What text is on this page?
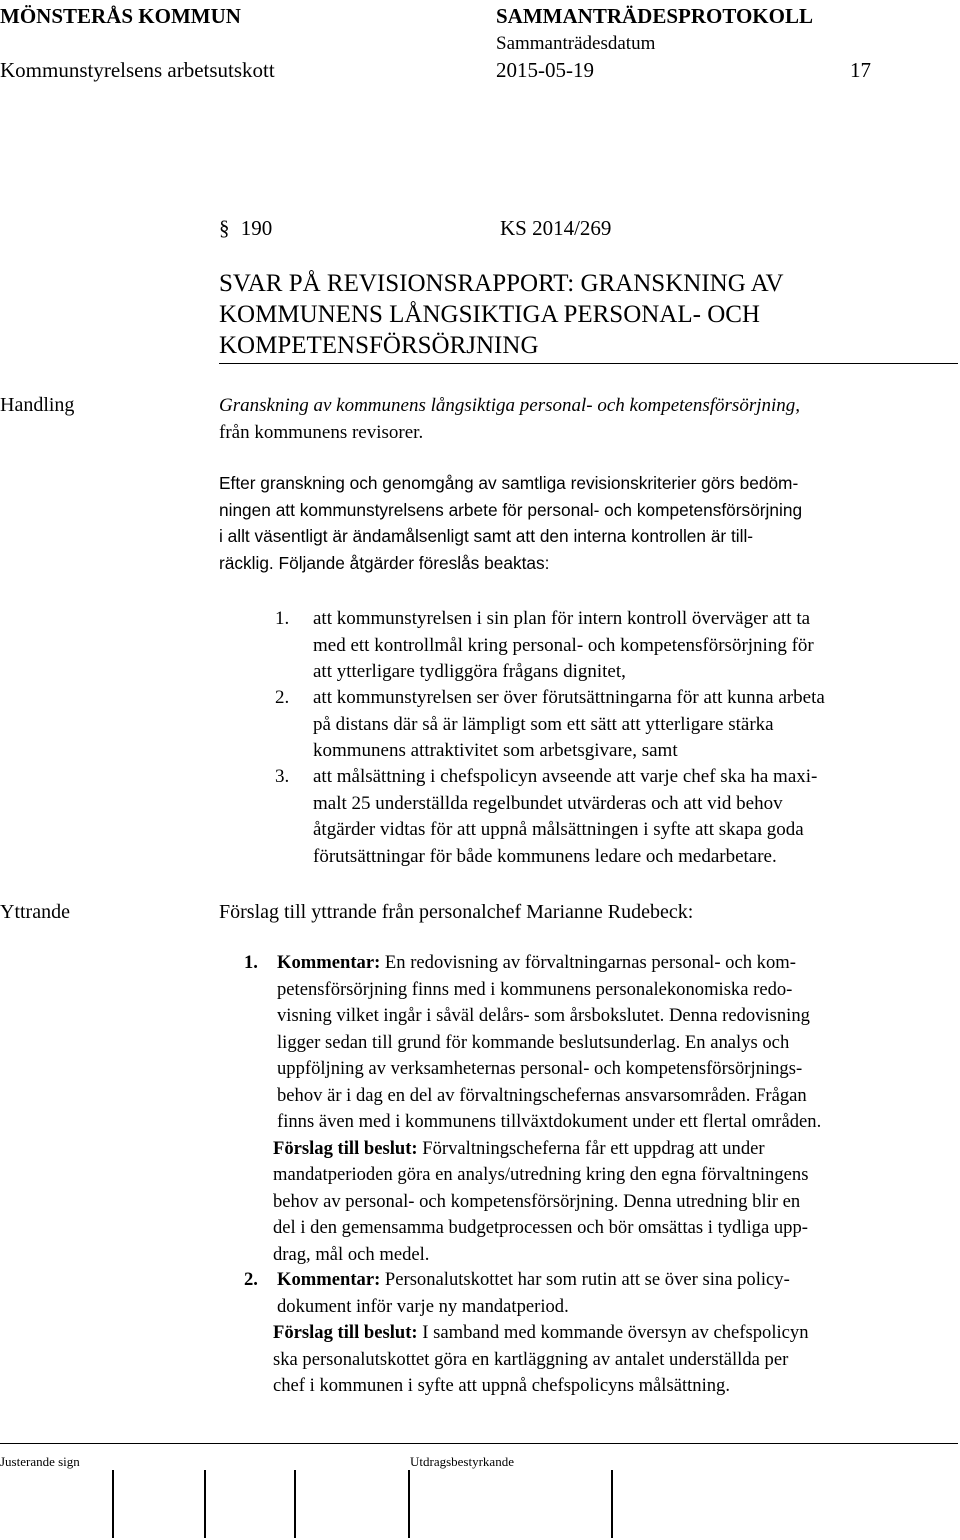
MÖNSTERÅS KOMMUN	SAMMANTRÄDESPROTOKOLL
Sammanträdesdatum
Kommunstyrelsens arbetsutskott	2015-05-19	17
§ 190	KS 2014/269
SVAR PÅ REVISIONSRAPPORT: GRANSKNING AV
KOMMUNENS LÅNGSIKTIGA PERSONAL- OCH
KOMPETENSFÖRSÖRJNING
Handling	Granskning av kommunens långsiktiga personal- och kompetensförsörjning,
från kommunens revisorer.
Efter granskning och genomgång av samtliga revisionskriterier görs bedöm-
ningen att kommunstyrelsens arbete för personal- och kompetensförsörjning
i allt väsentligt är ändamålsenligt samt att den interna kontrollen är till-
räcklig. Följande åtgärder föreslås beaktas:
1. att kommunstyrelsen i sin plan för intern kontroll överväger att ta
med ett kontrollmål kring personal- och kompetensförsörjning för
att ytterligare tydliggöra frågans dignitet,
2. att kommunstyrelsen ser över förutsättningarna för att kunna arbeta
på distans där så är lämpligt som ett sätt att ytterligare stärka
kommunens attraktivitet som arbetsgivare, samt
3. att målsättning i chefspolicyn avseende att varje chef ska ha maxi-
malt 25 underställda regelbundet utvärderas och att vid behov
åtgärder vidtas för att uppnå målsättningen i syfte att skapa goda
förutsättningar för både kommunens ledare och medarbetare.
Yttrande	Förslag till yttrande från personalchef Marianne Rudebeck:
1. Kommentar: En redovisning av förvaltningarnas personal- och kom-
petensförsörjning finns med i kommunens personalekonomiska redo-
visning vilket ingår i såväl delårs- som årsbokslutet. Denna redovisning
ligger sedan till grund för kommande beslutsunderlag. En analys och
uppföljning av verksamheternas personal- och kompetensförsörjnings-
behov är i dag en del av förvaltningschefernas ansvarsområden. Frågan
finns även med i kommunens tillväxtdokument under ett flertal områden.
Förslag till beslut: Förvaltningscheferna får ett uppdrag att under
mandatperioden göra en analys/utredning kring den egna förvaltningens
behov av personal- och kompetensförsörjning. Denna utredning blir en
del i den gemensamma budgetprocessen och bör omsättas i tydliga upp-
drag, mål och medel.
2. Kommentar: Personalutskottet har som rutin att se över sina policy-
dokument inför varje ny mandatperiod.
Förslag till beslut: I samband med kommande översyn av chefspolicyn
ska personalutskottet göra en kartläggning av antalet underställda per
chef i kommunen i syfte att uppnå chefspolicyns målsättning.
Justerande sign	Utdragsbestyrkande
